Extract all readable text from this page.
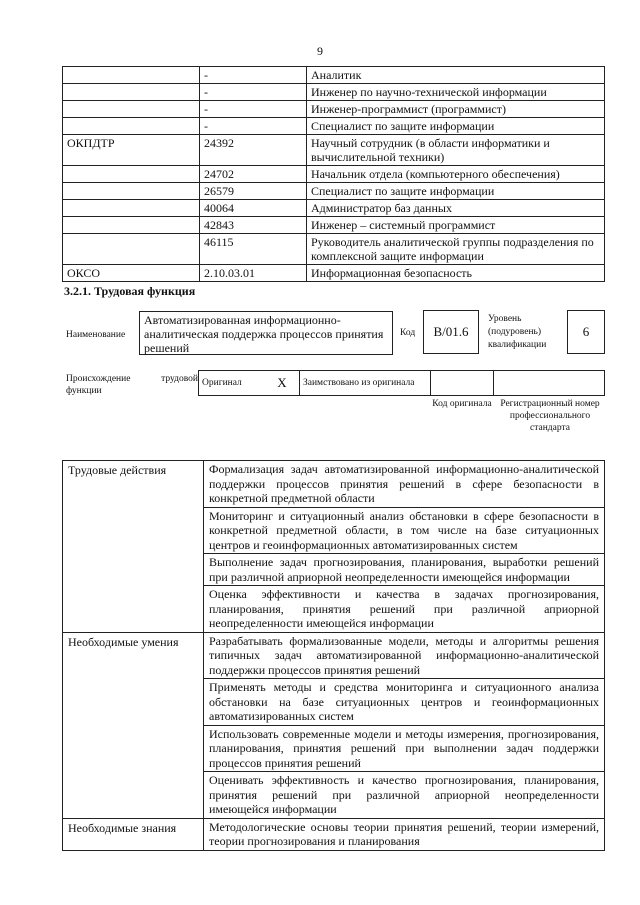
9
	-	Аналитик
	-	Инженер по научно-технической информации
	-	Инженер-программист (программист)
	-	Специалист по защите информации
ОКПДТР	24392	Научный сотрудник (в области информатики и вычислительной техники)
	24702	Начальник отдела (компьютерного обеспечения)
	26579	Специалист по защите информации
	40064	Администратор баз данных
	42843	Инженер – системный программист
	46115	Руководитель аналитической группы подразделения по комплексной защите информации
ОКСО	2.10.03.01	Информационная безопасность
3.2.1. Трудовая функция
Наименование
Автоматизированная информационно-аналитическая поддержка процессов принятия решений
Код	B/01.6
Уровень (подуровень) квалификации
6
Происхождение трудовой функции
Оригинал	X	Заимствовано из оригинала		
Код оригинала Регистрационный номер профессионального стандарта
Трудовые действия	Формализация задач автоматизированной информационно-аналитической поддержки процессов принятия решений в сфере безопасности в конкретной предметной области
	Мониторинг и ситуационный анализ обстановки в сфере безопасности в конкретной предметной области, в том числе на базе ситуационных центров и геоинформационных автоматизированных систем
	Выполнение задач прогнозирования, планирования, выработки решений при различной априорной неопределенности имеющейся информации
	Оценка эффективности и качества в задачах прогнозирования, планирования, принятия решений при различной априорной неопределенности имеющейся информации
Необходимые умения	Разрабатывать формализованные модели, методы и алгоритмы решения типичных задач автоматизированной информационно-аналитической поддержки процессов принятия решений
	Применять методы и средства мониторинга и ситуационного анализа обстановки на базе ситуационных центров и геоинформационных автоматизированных систем
	Использовать современные модели и методы измерения, прогнозирования, планирования, принятия решений при выполнении задач поддержки процессов принятия решений
	Оценивать эффективность и качество прогнозирования, планирования, принятия решений при различной априорной неопределенности имеющейся информации
Необходимые знания	Методологические основы теории принятия решений, теории измерений, теории прогнозирования и планирования
